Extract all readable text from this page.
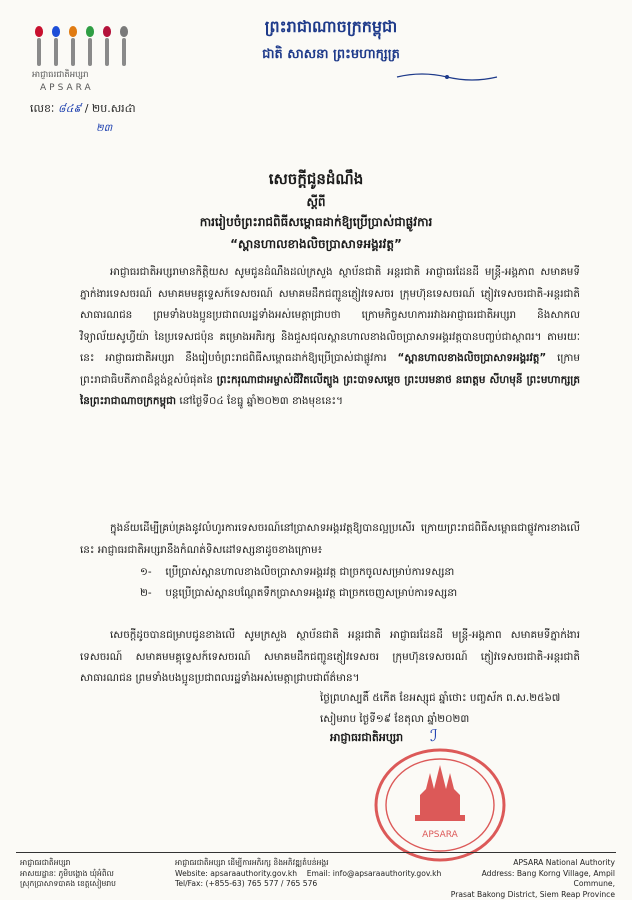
អាជ្ញាធរជាតិអប្សរា
APSARA
ព្រះរាជាណាចក្រកម្ពុជា
ជាតិ សាសនា ព្រះមហាក្សត្រ
លេខៈ ៨៤៩ / ២ប.សរ៤ា
២៣
សេចក្តីជូនដំណឹង
ស្តីពី
ការរៀបចំព្រះរាជពិធីសម្ពោធដាក់ឱ្យប្រើប្រាស់ជាផ្លូវការ
“ស្ពានហាលខាងលិចប្រាសាទអង្គរវត្ត”
អាជ្ញាធរជាតិអប្សរាមានកិត្តិយស សូមជូនដំណឹងដល់ក្រសួង ស្ថាប័នជាតិ អន្តរជាតិ អាជ្ញាធរដែនដី មន្ត្រី-អង្គភាព សមាគមទីភ្នាក់ងារទេសចរណ៍ សមាគមមគ្គុទ្ទេសក៍ទេសចរណ៍ សមាគមដឹកជញ្ជូនភ្ញៀវទេសចរ ក្រុមហ៊ុនទេសចរណ៍ ភ្ញៀវទេសចរជាតិ-អន្តរជាតិ សាធារណជន ព្រមទាំងបងប្អូនប្រជាពលរដ្ឋទាំងអស់មេត្តាជ្រាបថា ក្រោមកិច្ចសហការរវាងអាជ្ញាធរជាតិអប្សរា និងសាកលវិទ្យាល័យសូហ្វីយ៉ា នៃប្រទេសជប៉ុន គម្រោងអភិរក្ស និងជួសជុលស្ពានហាលខាងលិចប្រាសាទអង្គរវត្តបានបញ្ចប់ជាស្ថាពរ។ តាមរយៈនេះ អាជ្ញាធរជាតិអប្សរា នឹងរៀបចំព្រះរាជពិធីសម្ពោធដាក់ឱ្យប្រើប្រាស់ជាផ្លូវការ “ស្ពានហាលខាងលិចប្រាសាទអង្គរវត្ត” ក្រោមព្រះរាជាធិបតីភាពដ៏ខ្ពង់ខ្ពស់បំផុតនៃ ព្រះករុណាជាអម្ចាស់ជីវិតលើត្បូង ព្រះបាទសម្តេច ព្រះបរមនាថ នរោត្តម សីហមុនី ព្រះមហាក្សត្រនៃព្រះរាជាណាចក្រកម្ពុជា នៅថ្ងៃទី០៤ ខែធ្នូ ឆ្នាំ២០២៣ ខាងមុខនេះ។
ក្នុងន័យដើម្បីគ្រប់គ្រងនូវលំហូរការទេសចរណ៍នៅប្រាសាទអង្គរវត្តឱ្យបានល្អប្រសើរ ក្រោយព្រះរាជពិធីសម្ពោធជាផ្លូវការខាងលើនេះ អាជ្ញាធរជាតិអប្សរានឹងកំណត់ទិសដៅទស្សនាដូចខាងក្រោម៖
១- ប្រើប្រាស់ស្ពានហាលខាងលិចប្រាសាទអង្គរវត្ត ជាច្រកចូលសម្រាប់ការទស្សនា
២- បន្តប្រើប្រាស់ស្ពានបណ្តែតទឹកប្រាសាទអង្គរវត្ត ជាច្រកចេញសម្រាប់ការទស្សនា
សេចក្តីដូចបានជម្រាបជូនខាងលើ សូមក្រសួង ស្ថាប័នជាតិ អន្តរជាតិ អាជ្ញាធរដែនដី មន្ត្រី-អង្គភាព សមាគមទីភ្នាក់ងារទេសចរណ៍ សមាគមមគ្គុទ្ទេសក៍ទេសចរណ៍ សមាគមដឹកជញ្ជូនភ្ញៀវទេសចរ ក្រុមហ៊ុនទេសចរណ៍ ភ្ញៀវទេសចរជាតិ-អន្តរជាតិ សាធារណជន ព្រមទាំងបងប្អូនប្រជាពលរដ្ឋទាំងអស់មេត្តាជ្រាបជាព័ត៌មាន។
ថ្ងៃព្រហស្បតិ៍ ៥កើត ខែអស្សុជ ឆ្នាំថោះ បញ្ចស័ក ព.ស.២៥៦៧
សៀមរាប ថ្ងៃទី១៩ ខែតុលា ឆ្នាំ២០២៣
អាជ្ញាធរជាតិអប្សរា ℐ
APSARA
អាជ្ញាធរជាតិអប្សរា
អាសយដ្ឋានៈ ភូមិបង្គោង ឃុំអំពិល
ស្រុកប្រាសាទបាគង ខេត្តសៀមរាប
អាជ្ញាធរជាតិអប្សរា ដើម្បីការអភិរក្ស និងអភិវឌ្ឍតំបន់អង្គរ
Website: apsaraauthority.gov.kh Email: info@apsaraauthority.gov.kh
Tel/Fax: (+855-63) 765 577 / 765 576
APSARA National Authority
Address: Bang Korng Village, Ampil Commune,
Prasat Bakong District, Siem Reap Province
